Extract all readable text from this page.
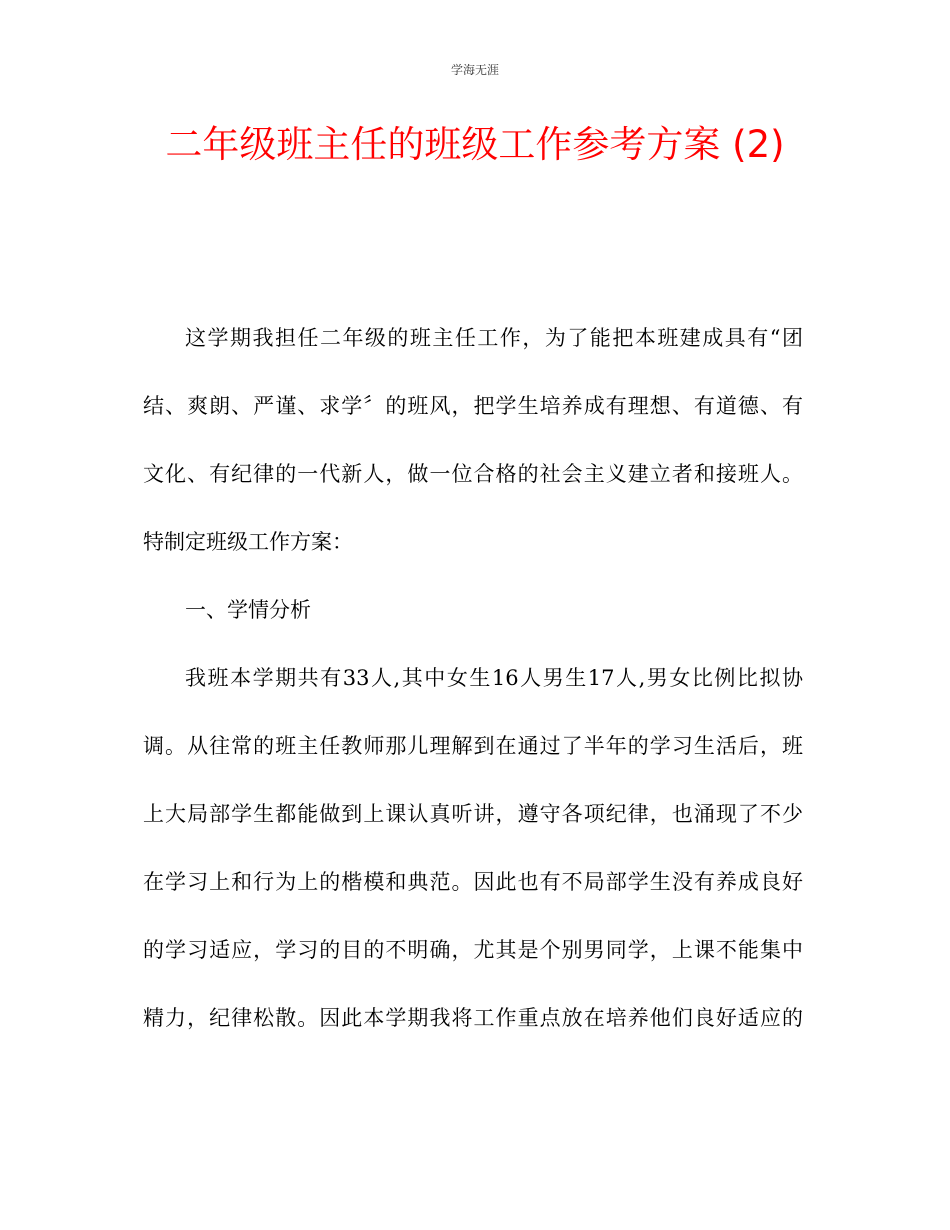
学海无涯
二年级班主任的班级工作参考方案 (2)
这学期我担任二年级的班主任工作，为了能把本班建成具有“团
结、爽朗、严谨、求学〞的班风，把学生培养成有理想、有道德、有
文化、有纪律的一代新人，做一位合格的社会主义建立者和接班人。
特制定班级工作方案：
一、学情分析
我班本学期共有33人,其中女生16人男生17人,男女比例比拟协
调。从往常的班主任教师那儿理解到在通过了半年的学习生活后，班
上大局部学生都能做到上课认真听讲，遵守各项纪律，也涌现了不少
在学习上和行为上的楷模和典范。因此也有不局部学生没有养成良好
的学习适应，学习的目的不明确，尤其是个别男同学，上课不能集中
精力，纪律松散。因此本学期我将工作重点放在培养他们良好适应的
